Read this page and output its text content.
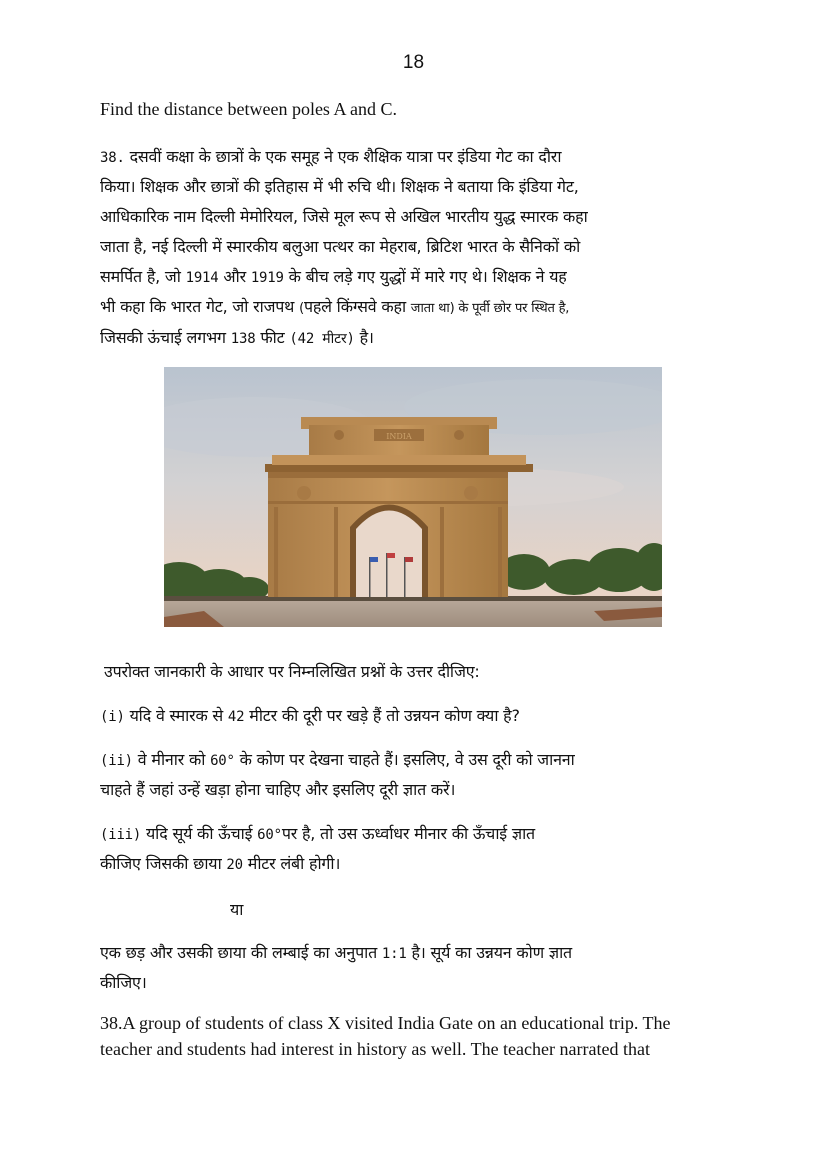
18
Find the distance between poles A and C.
38. दसवीं कक्षा के छात्रों के एक समूह ने एक शैक्षिक यात्रा पर इंडिया गेट का दौरा
किया। शिक्षक और छात्रों की इतिहास में भी रुचि थी। शिक्षक ने बताया कि इंडिया गेट,
आधिकारिक नाम दिल्ली मेमोरियल, जिसे मूल रूप से अखिल भारतीय युद्ध स्मारक कहा
जाता है, नई दिल्ली में स्मारकीय बलुआ पत्थर का मेहराब, ब्रिटिश भारत के सैनिकों को
समर्पित है, जो 1914 और 1919 के बीच लड़े गए युद्धों में मारे गए थे। शिक्षक ने यह
भी कहा कि भारत गेट, जो राजपथ (पहले किंग्सवे कहा जाता था) के पूर्वी छोर पर स्थित है,
जिसकी ऊंचाई लगभग 138 फीट (42 मीटर) है।
INDIA
उपरोक्त जानकारी के आधार पर निम्नलिखित प्रश्नों के उत्तर दीजिए:
(i) यदि वे स्मारक से 42 मीटर की दूरी पर खड़े हैं तो उन्नयन कोण क्या है?
(ii) वे मीनार को 60° के कोण पर देखना चाहते हैं। इसलिए, वे उस दूरी को जानना
चाहते हैं जहां उन्हें खड़ा होना चाहिए और इसलिए दूरी ज्ञात करें।
(iii) यदि सूर्य की ऊँचाई 60°पर है, तो उस ऊर्ध्वाधर मीनार की ऊँचाई ज्ञात
कीजिए जिसकी छाया 20 मीटर लंबी होगी।
या
एक छड़ और उसकी छाया की लम्बाई का अनुपात 1:1 है। सूर्य का उन्नयन कोण ज्ञात
कीजिए।
38.A group of students of class X visited India Gate on an educational trip. The
teacher and students had interest in history as well. The teacher narrated that
